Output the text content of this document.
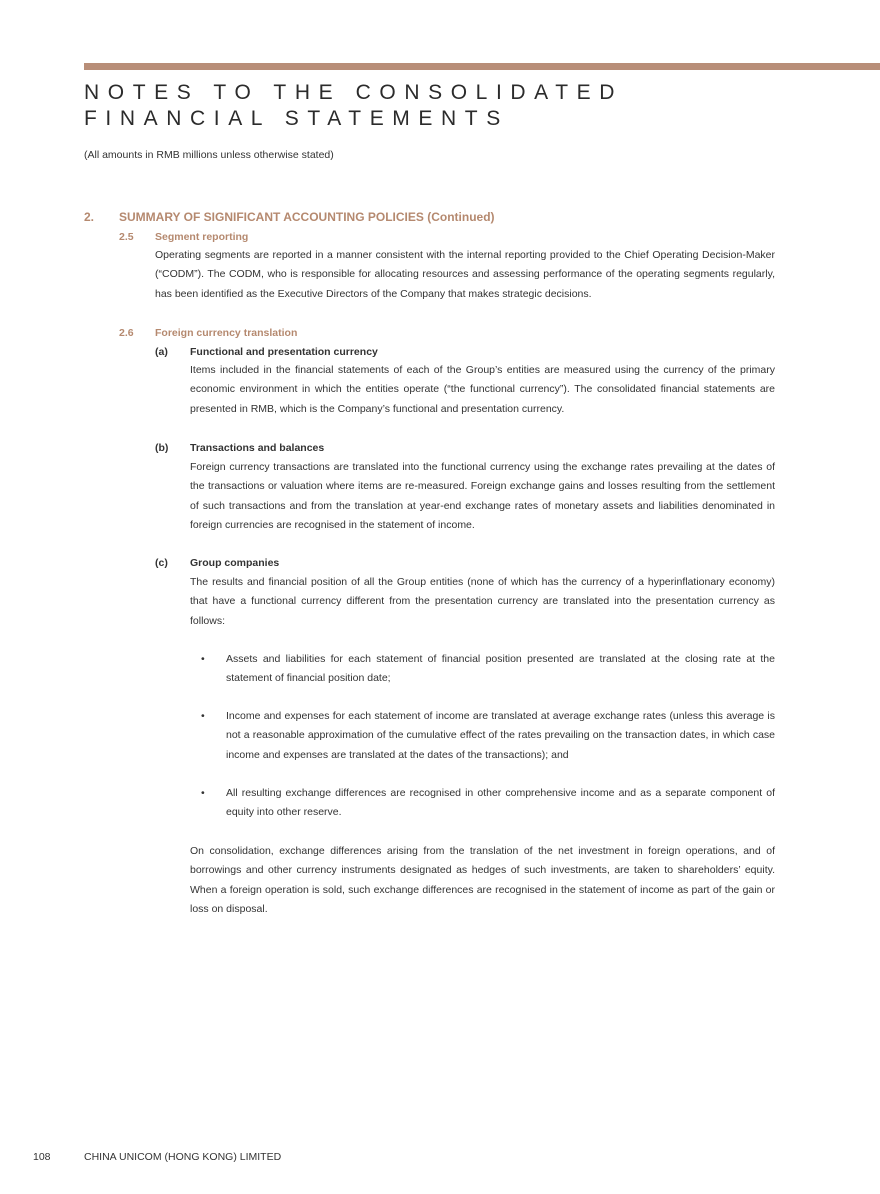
NOTES TO THE CONSOLIDATED
FINANCIAL STATEMENTS
(All amounts in RMB millions unless otherwise stated)
2. SUMMARY OF SIGNIFICANT ACCOUNTING POLICIES (Continued)
2.5 Segment reporting

Operating segments are reported in a manner consistent with the internal reporting provided to the Chief Operating Decision-Maker (“CODM”). The CODM, who is responsible for allocating resources and assessing performance of the operating segments regularly, has been identified as the Executive Directors of the Company that makes strategic decisions.

2.6 Foreign currency translation
(a) Functional and presentation currency

Items included in the financial statements of each of the Group’s entities are measured using the currency of the primary economic environment in which the entities operate (“the functional currency”). The consolidated financial statements are presented in RMB, which is the Company’s functional and presentation currency.

(b) Transactions and balances

Foreign currency transactions are translated into the functional currency using the exchange rates prevailing at the dates of the transactions or valuation where items are re-measured. Foreign exchange gains and losses resulting from the settlement of such transactions and from the translation at year-end exchange rates of monetary assets and liabilities denominated in foreign currencies are recognised in the statement of income.

(c) Group companies

The results and financial position of all the Group entities (none of which has the currency of a hyperinflationary economy) that have a functional currency different from the presentation currency are translated into the presentation currency as follows:

• Assets and liabilities for each statement of financial position presented are translated at the closing rate at the statement of financial position date;
• Income and expenses for each statement of income are translated at average exchange rates (unless this average is not a reasonable approximation of the cumulative effect of the rates prevailing on the transaction dates, in which case income and expenses are translated at the dates of the transactions); and
• All resulting exchange differences are recognised in other comprehensive income and as a separate component of equity into other reserve.

On consolidation, exchange differences arising from the translation of the net investment in foreign operations, and of borrowings and other currency instruments designated as hedges of such investments, are taken to shareholders’ equity. When a foreign operation is sold, such exchange differences are recognised in the statement of income as part of the gain or loss on disposal.

108	CHINA UNICOM (HONG KONG) LIMITED
